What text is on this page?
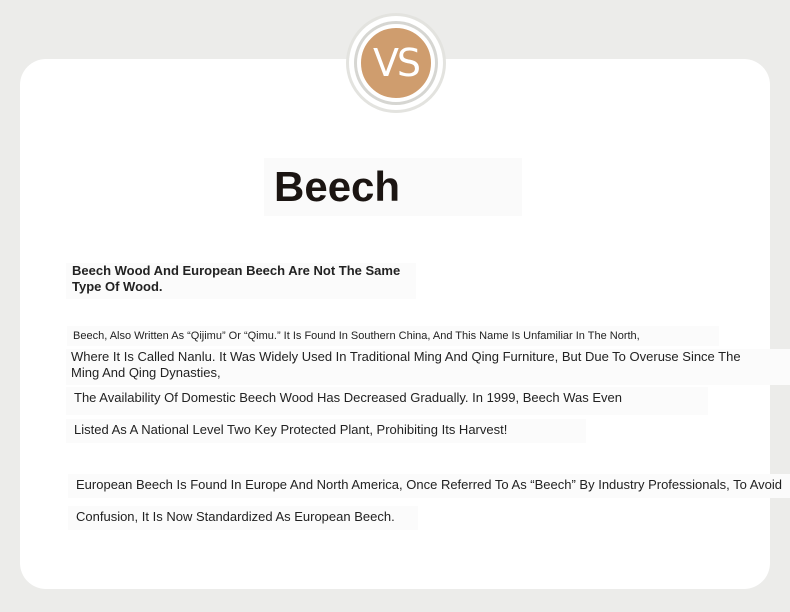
VS
Beech
Beech Wood And European Beech Are Not The Same Type Of Wood.
Beech, Also Written As “Qijimu” Or “Qimu.” It Is Found In Southern China, And This Name Is Unfamiliar In The North,
Where It Is Called Nanlu. It Was Widely Used In Traditional Ming And Qing Furniture, But Due To Overuse Since The
Ming And Qing Dynasties,
The Availability Of Domestic Beech Wood Has Decreased Gradually. In 1999, Beech Was Even
Listed As A National Level Two Key Protected Plant, Prohibiting Its Harvest!
European Beech Is Found In Europe And North America, Once Referred To As “Beech” By Industry Professionals, To Avoid
Confusion, It Is Now Standardized As European Beech.
